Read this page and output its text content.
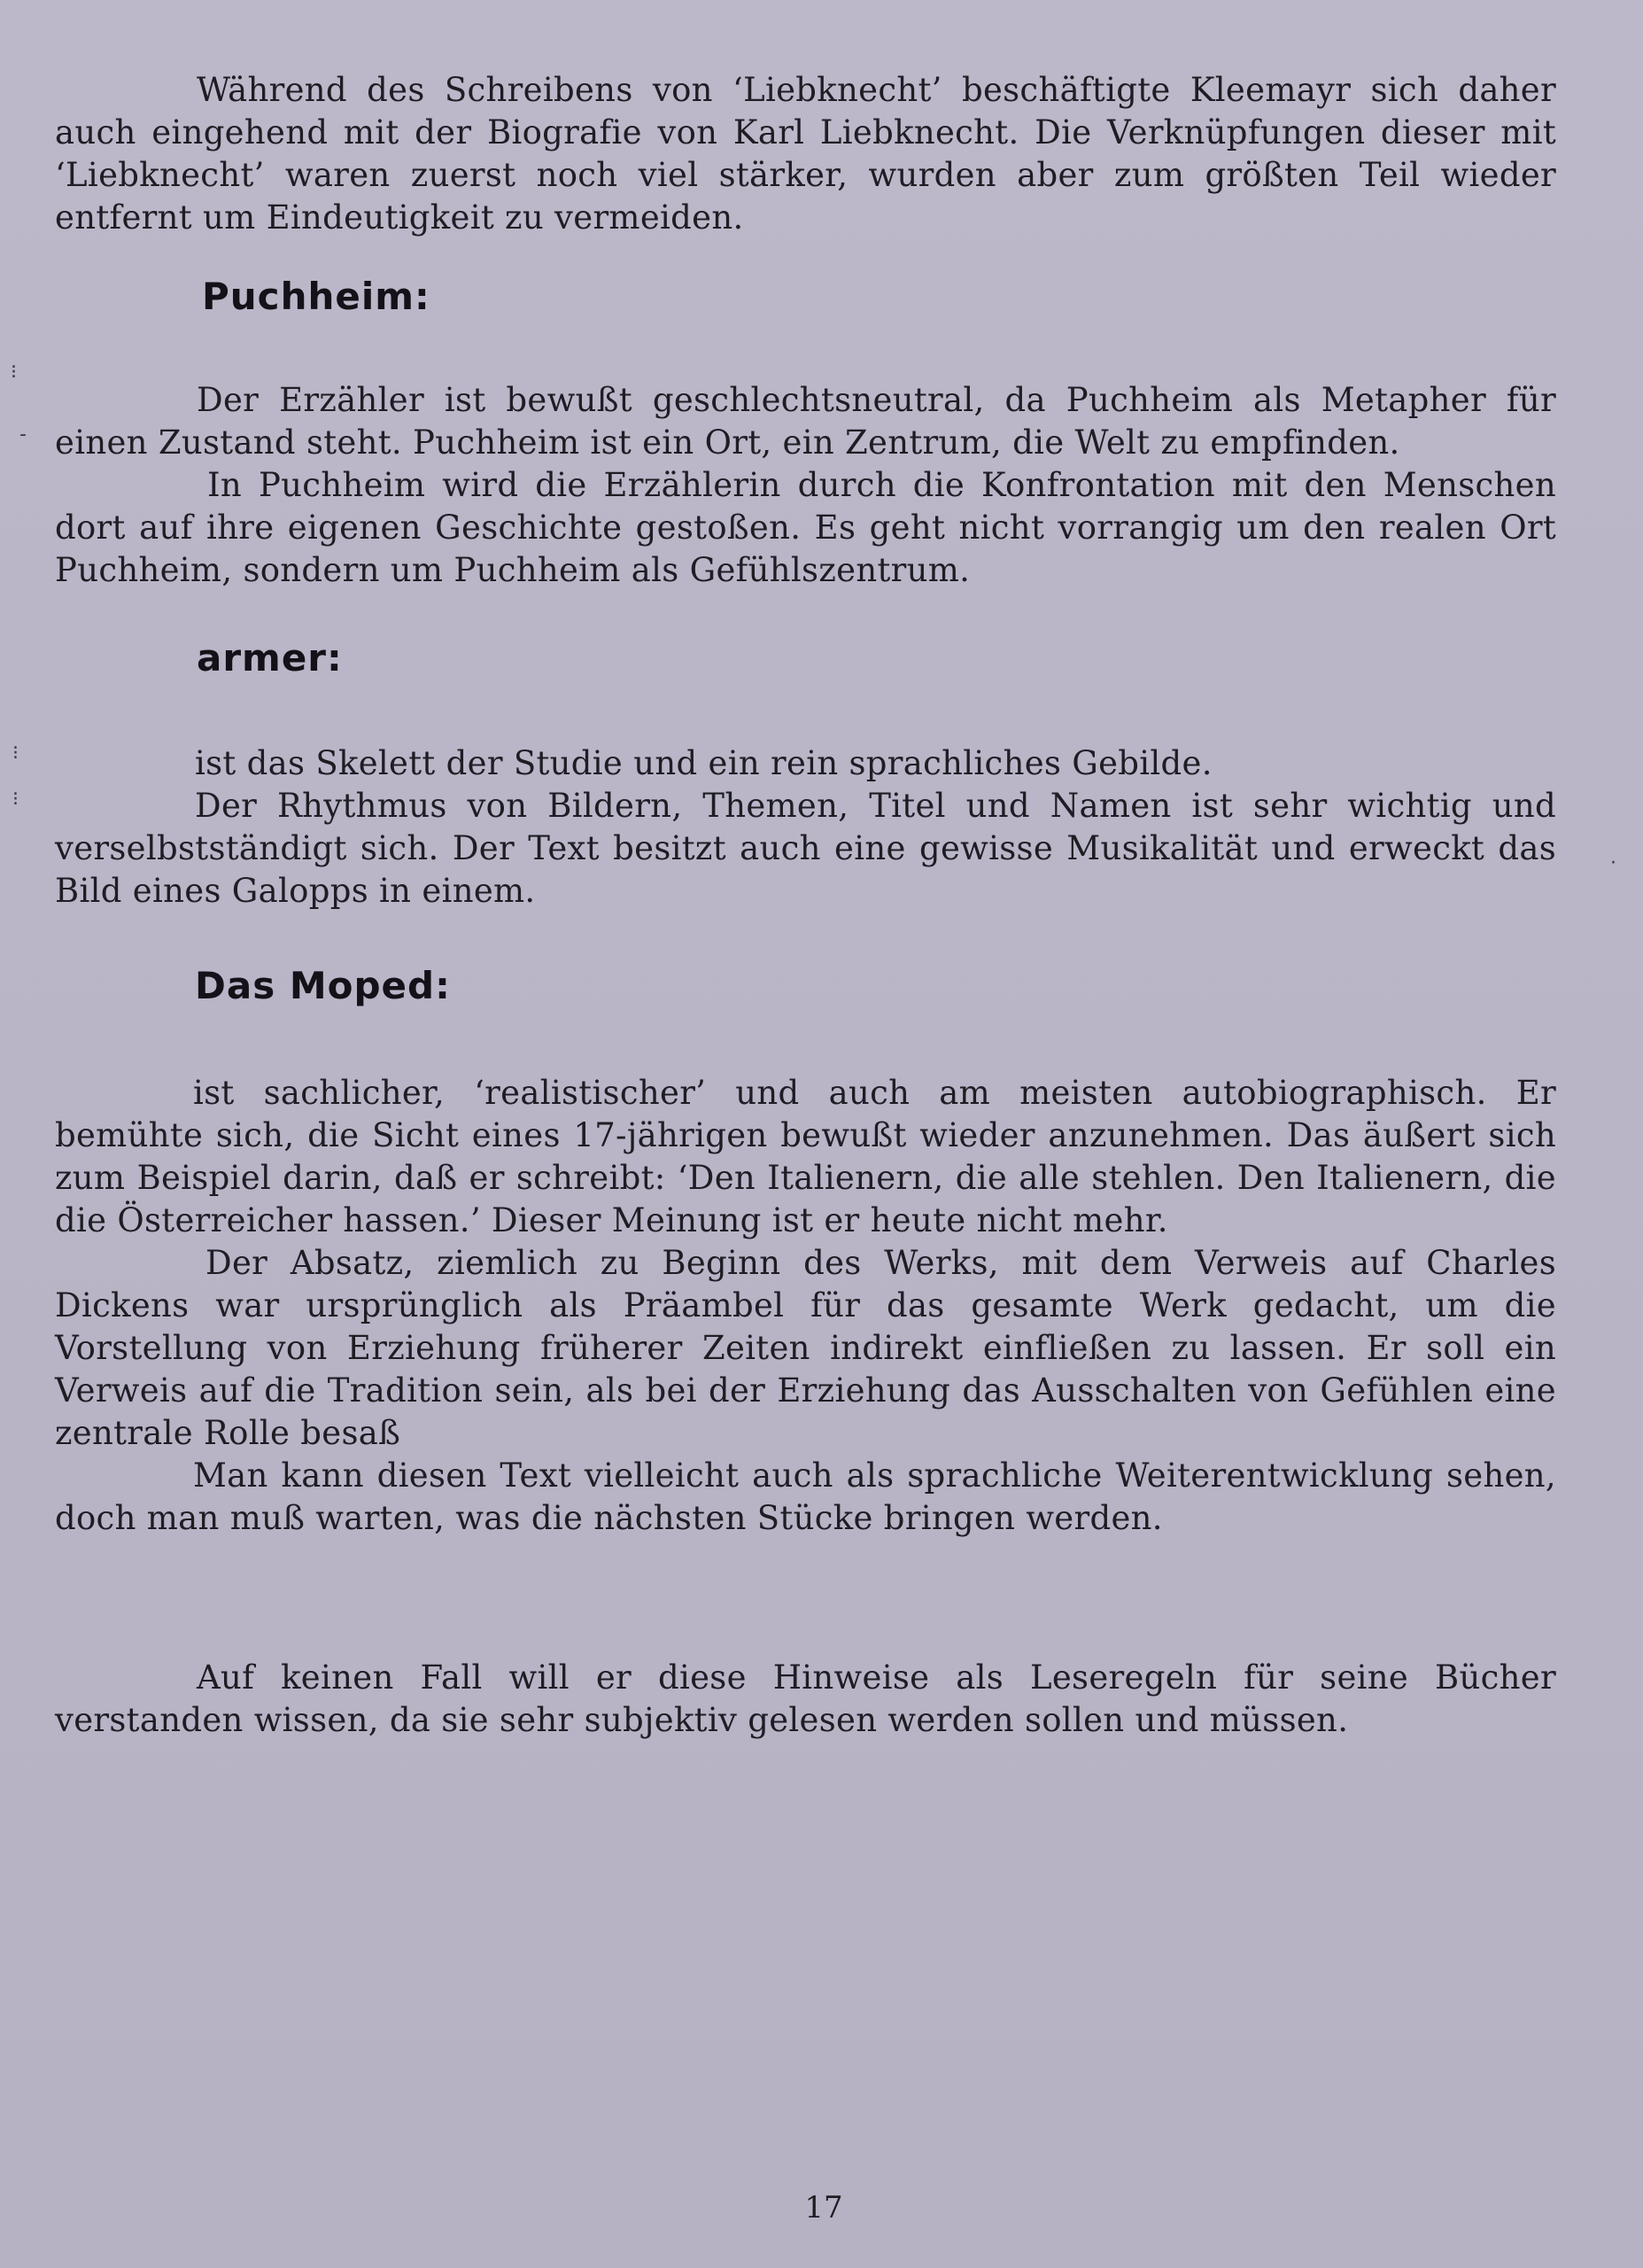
Während des Schreibens von ‘Liebknecht’ beschäftigte Kleemayr sich daher auch eingehend mit der Biografie von Karl Liebknecht. Die Verknüpfungen dieser mit ‘Liebknecht’ waren zuerst noch viel stärker, wurden aber zum größten Teil wieder entfernt um Eindeutigkeit zu vermeiden.

Puchheim:

Der Erzähler ist bewußt geschlechtsneutral, da Puchheim als Metapher für einen Zustand steht. Puchheim ist ein Ort, ein Zentrum, die Welt zu empfinden.

In Puchheim wird die Erzählerin durch die Konfrontation mit den Menschen dort auf ihre eigenen Geschichte gestoßen. Es geht nicht vorrangig um den realen Ort Puchheim, sondern um Puchheim als Gefühlszentrum.

armer:

ist das Skelett der Studie und ein rein sprachliches Gebilde.

Der Rhythmus von Bildern, Themen, Titel und Namen ist sehr wichtig und verselbstständigt sich. Der Text besitzt auch eine gewisse Musikalität und erweckt das Bild eines Galopps in einem.

Das Moped:

ist sachlicher, ‘realistischer’ und auch am meisten autobiographisch. Er bemühte sich, die Sicht eines 17-jährigen bewußt wieder anzunehmen. Das äußert sich zum Beispiel darin, daß er schreibt: ‘Den Italienern, die alle stehlen. Den Italienern, die die Österreicher hassen.’ Dieser Meinung ist er heute nicht mehr.

Der Absatz, ziemlich zu Beginn des Werks, mit dem Verweis auf Charles Dickens war ursprünglich als Präambel für das gesamte Werk gedacht, um die Vorstellung von Erziehung früherer Zeiten indirekt einfließen zu lassen. Er soll ein Verweis auf die Tradition sein, als bei der Erziehung das Ausschalten von Gefühlen eine zentrale Rolle besaß

Man kann diesen Text vielleicht auch als sprachliche Weiterentwicklung sehen, doch man muß warten, was die nächsten Stücke bringen werden.

Auf keinen Fall will er diese Hinweise als Leseregeln für seine Bücher verstanden wissen, da sie sehr subjektiv gelesen werden sollen und müssen.

17
⁝
-
⁝
⁝
·
